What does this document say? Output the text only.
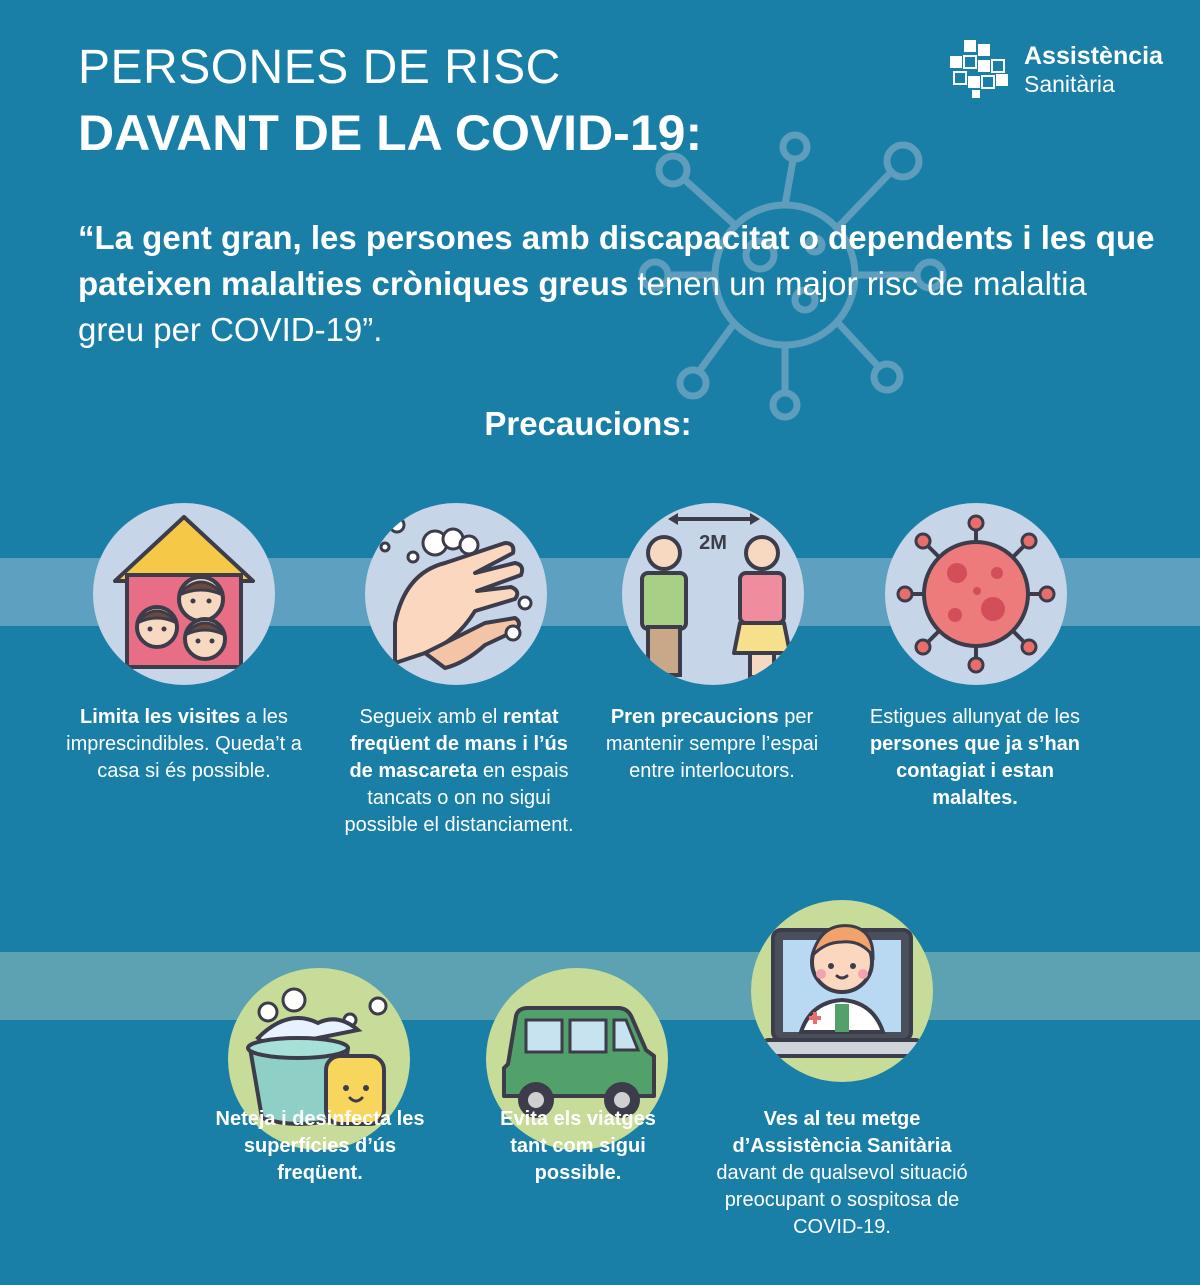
PERSONES DE RISC
DAVANT DE LA COVID-19:
Assistència
Sanitària
“La gent gran, les persones amb discapacitat o dependents i les que pateixen malalties cròniques greus tenen un major risc de malaltia greu per COVID-19”.
Precaucions:
2M
Limita les visites a les imprescindibles. Queda’t a casa si és possible.
Segueix amb el rentat freqüent de mans i l’ús de mascareta en espais tancats o on no sigui possible el distanciament.
Pren precaucions per mantenir sempre l’espai entre interlocutors.
Estigues allunyat de les persones que ja s’han contagiat i estan malaltes.
Neteja i desinfecta les superfícies d’ús freqüent.
Evita els viatges tant com sigui possible.
Ves al teu metge d’Assistència Sanitària davant de qualsevol situació preocupant o sospitosa de COVID-19.
